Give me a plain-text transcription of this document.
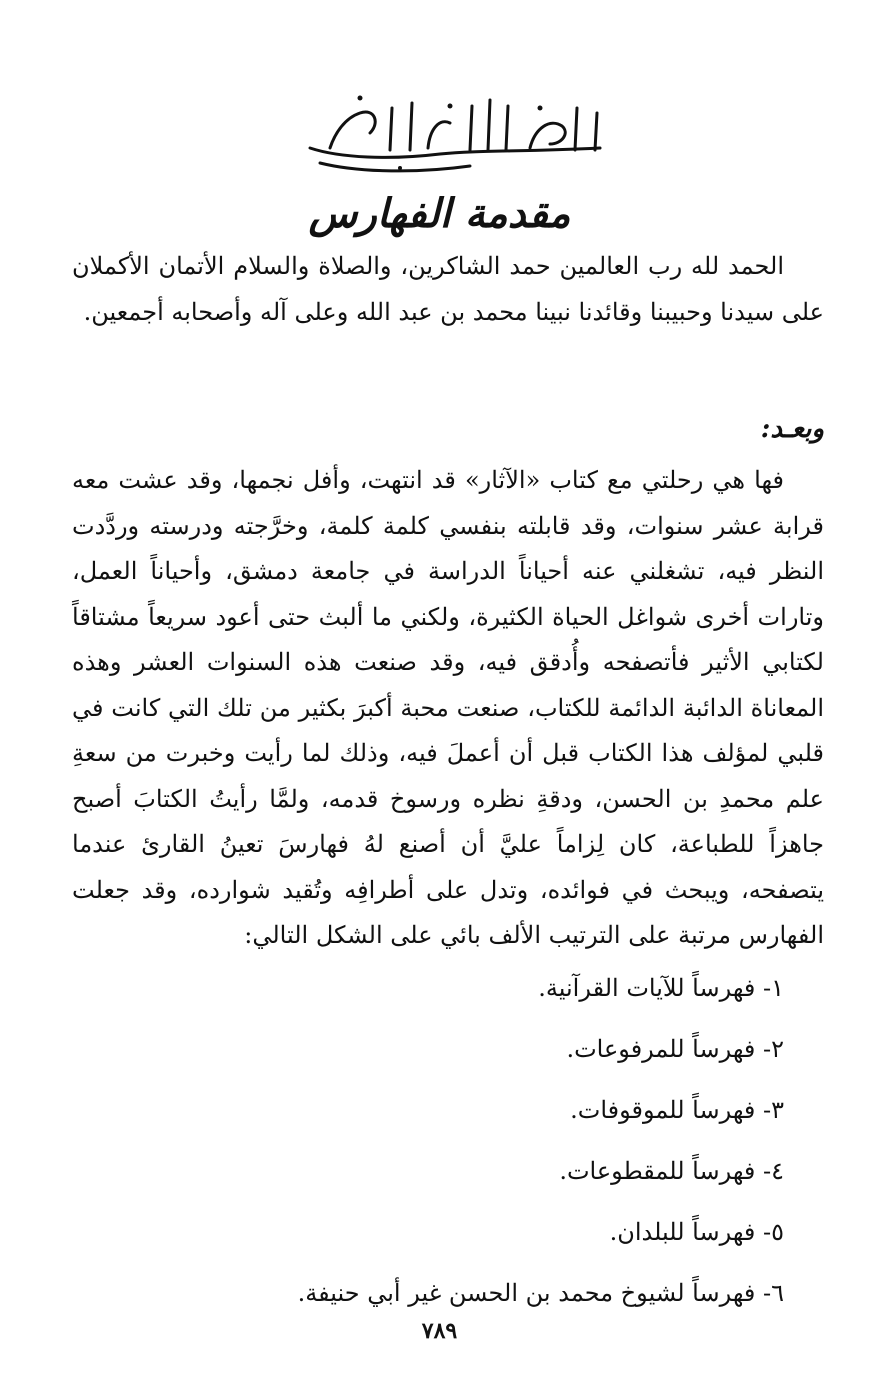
مقدمة الفهارس

الحمد لله رب العالمين حمد الشاكرين، والصلاة والسلام الأتمان الأكملان على سيدنا وحبيبنا وقائدنا نبينا محمد بن عبد الله وعلى آله وأصحابه أجمعين.

وبعـد:

فها هي رحلتي مع كتاب «الآثار» قد انتهت، وأفل نجمها، وقد عشت معه قرابة عشر سنوات، وقد قابلته بنفسي كلمة كلمة، وخرَّجته ودرسته وردَّدت النظر فيه، تشغلني عنه أحياناً الدراسة في جامعة دمشق، وأحياناً العمل، وتارات أخرى شواغل الحياة الكثيرة، ولكني ما ألبث حتى أعود سريعاً مشتاقاً لكتابي الأثير فأتصفحه وأُدقق فيه، وقد صنعت هذه السنوات العشر وهذه المعاناة الدائبة الدائمة للكتاب، صنعت محبة أكبرَ بكثير من تلك التي كانت في قلبي لمؤلف هذا الكتاب قبل أن أعملَ فيه، وذلك لما رأيت وخبرت من سعةِ علم محمدِ بن الحسن، ودقةِ نظره ورسوخ قدمه، ولمَّا رأيتُ الكتابَ أصبح جاهزاً للطباعة، كان لِزاماً عليَّ أن أصنع لهُ فهارسَ تعينُ القارئ عندما يتصفحه، ويبحث في فوائده، وتدل على أطرافِه وتُقيد شوارده، وقد جعلت الفهارس مرتبة على الترتيب الألف بائي على الشكل التالي:

١- فهرساً للآيات القرآنية.
٢- فهرساً للمرفوعات.
٣- فهرساً للموقوفات.
٤- فهرساً للمقطوعات.
٥- فهرساً للبلدان.
٦- فهرساً لشيوخ محمد بن الحسن غير أبي حنيفة.
٧٨٩
